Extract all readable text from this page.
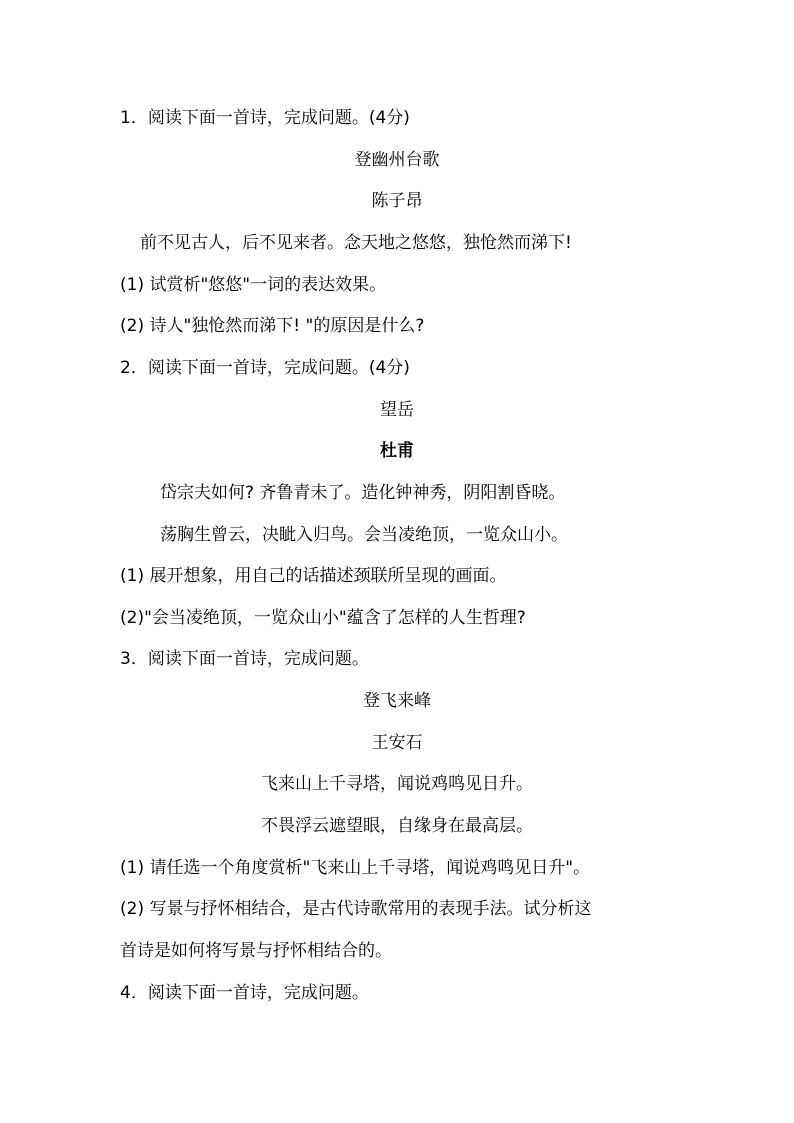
1．阅读下面一首诗，完成问题。(4分)
登幽州台歌
陈子昂
前不见古人，后不见来者。念天地之悠悠，独怆然而涕下!
(1) 试赏析"悠悠"一词的表达效果。
(2) 诗人"独怆然而涕下! "的原因是什么?
2．阅读下面一首诗，完成问题。(4分)
望岳
杜甫
岱宗夫如何? 齐鲁青未了。造化钟神秀，阴阳割昏晓。
荡胸生曾云，决眦入归鸟。会当凌绝顶，一览众山小。
(1) 展开想象，用自己的话描述颈联所呈现的画面。
(2)"会当凌绝顶，一览众山小"蕴含了怎样的人生哲理?
3．阅读下面一首诗，完成问题。
登飞来峰
王安石
飞来山上千寻塔，闻说鸡鸣见日升。
不畏浮云遮望眼，自缘身在最高层。
(1) 请任选一个角度赏析"飞来山上千寻塔，闻说鸡鸣见日升"。
(2) 写景与抒怀相结合，是古代诗歌常用的表现手法。试分析这
首诗是如何将写景与抒怀相结合的。
4．阅读下面一首诗，完成问题。
